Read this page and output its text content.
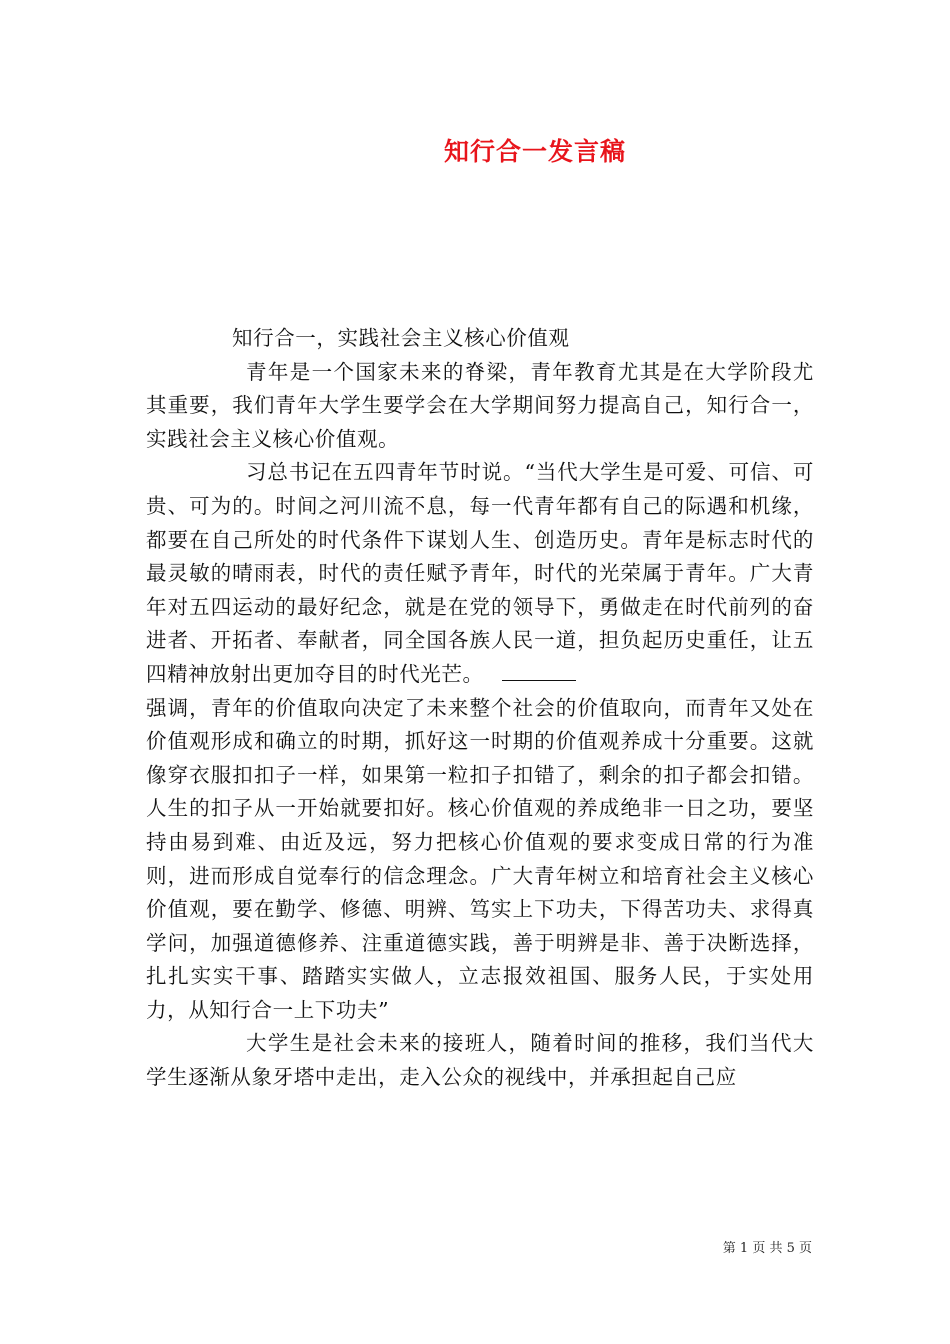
知行合一发言稿

知行合一，实践社会主义核心价值观

青年是一个国家未来的脊梁，青年教育尤其是在大学阶段尤其重要，我们青年大学生要学会在大学期间努力提高自己，知行合一，实践社会主义核心价值观。

习总书记在五四青年节时说。“当代大学生是可爱、可信、可贵、可为的。时间之河川流不息，每一代青年都有自己的际遇和机缘，都要在自己所处的时代条件下谋划人生、创造历史。青年是标志时代的最灵敏的晴雨表，时代的责任赋予青年，时代的光荣属于青年。广大青年对五四运动的最好纪念，就是在党的领导下，勇做走在时代前列的奋进者、开拓者、奉献者，同全国各族人民一道，担负起历史重任，让五四精神放射出更加夺目的时代光芒。

强调，青年的价值取向决定了未来整个社会的价值取向，而青年又处在价值观形成和确立的时期，抓好这一时期的价值观养成十分重要。这就像穿衣服扣扣子一样，如果第一粒扣子扣错了，剩余的扣子都会扣错。人生的扣子从一开始就要扣好。核心价值观的养成绝非一日之功，要坚持由易到难、由近及远，努力把核心价值观的要求变成日常的行为准则，进而形成自觉奉行的信念理念。广大青年树立和培育社会主义核心价值观，要在勤学、修德、明辨、笃实上下功夫，下得苦功夫、求得真学问，加强道德修养、注重道德实践，善于明辨是非、善于决断选择，扎扎实实干事、踏踏实实做人，立志报效祖国、服务人民，于实处用力，从知行合一上下功夫”

大学生是社会未来的接班人，随着时间的推移，我们当代大学生逐渐从象牙塔中走出，走入公众的视线中，并承担起自己应

第 1 页 共 5 页
